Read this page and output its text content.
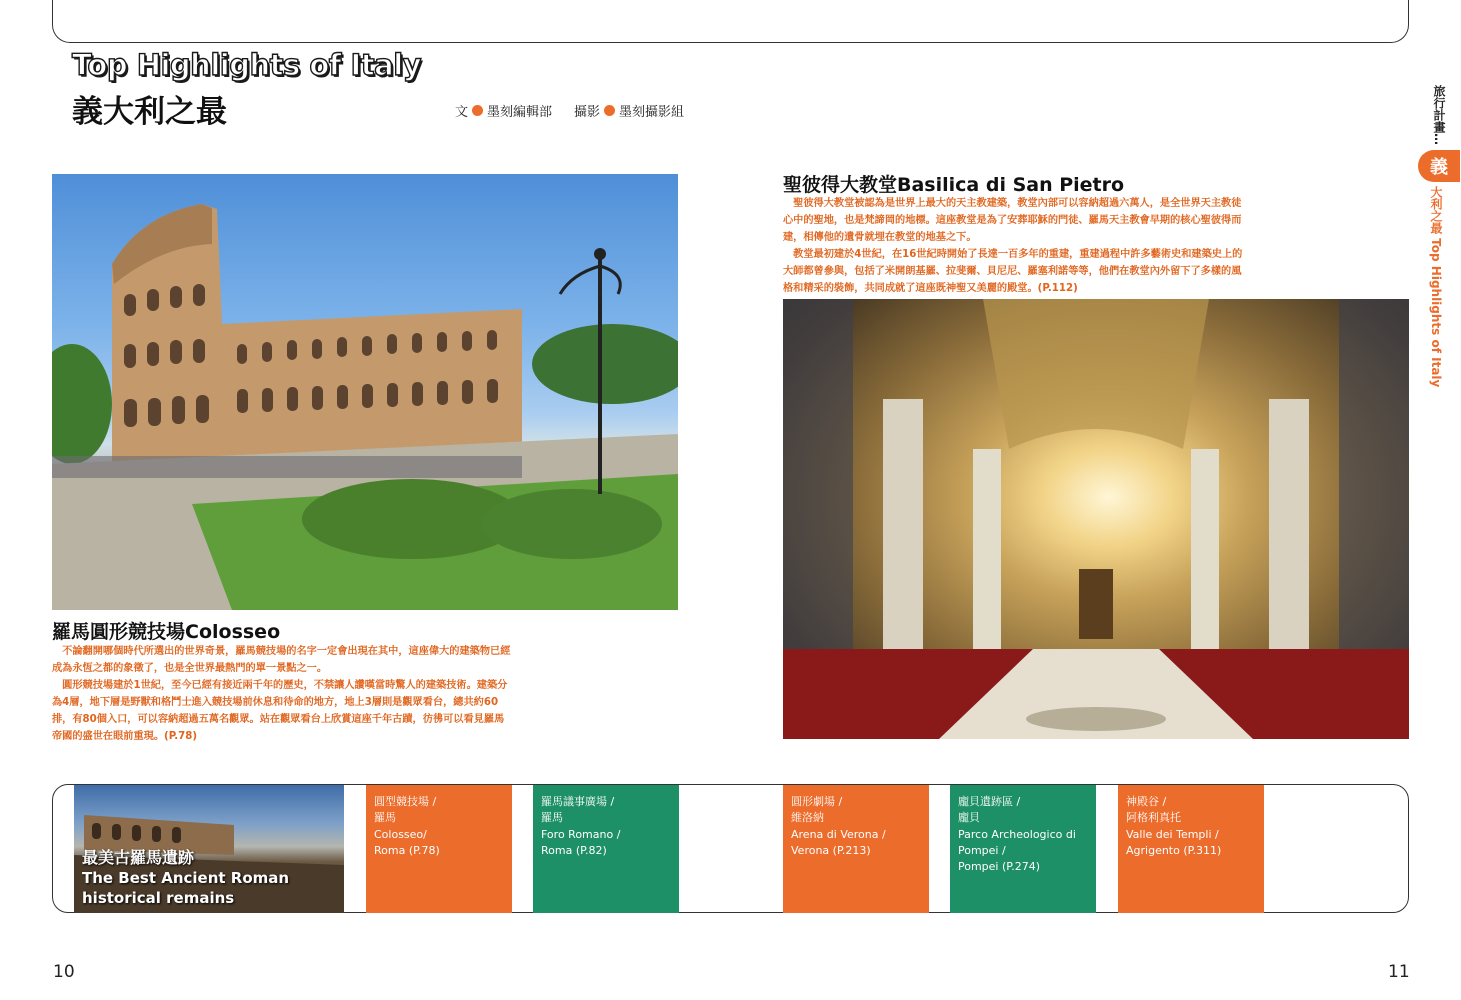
Top Highlights of Italy
義大利之最	文 墨刻編輯部 攝影 墨刻攝影組
羅馬圓形競技場Colosseo
　不論翻開哪個時代所選出的世界奇景，羅馬競技場的名字一定會出現在其中，這座偉大的建築物已經成為永恆之都的象徵了，也是全世界最熱門的單一景點之一。
　圓形競技場建於1世紀，至今已經有接近兩千年的歷史，不禁讓人讚嘆當時驚人的建築技術。建築分為4層，地下層是野獸和格鬥士進入競技場前休息和待命的地方，地上3層則是觀眾看台，總共約60排，有80個入口，可以容納超過五萬名觀眾。站在觀眾看台上欣賞這座千年古蹟，彷彿可以看見羅馬帝國的盛世在眼前重現。(P.78)
聖彼得大教堂Basilica di San Pietro
　聖彼得大教堂被認為是世界上最大的天主教建築，教堂內部可以容納超過六萬人，是全世界天主教徒心中的聖地，也是梵諦岡的地標。這座教堂是為了安葬耶穌的門徒、羅馬天主教會早期的核心聖彼得而建，相傳他的遺骨就埋在教堂的地基之下。
　教堂最初建於4世紀，在16世紀時開始了長達一百多年的重建，重建過程中許多藝術史和建築史上的大師都曾參與，包括了米開朗基羅、拉斐爾、貝尼尼、羅塞利諾等等，他們在教堂內外留下了多樣的風格和精采的裝飾，共同成就了這座既神聖又美麗的殿堂。(P.112)
最美古羅馬遺跡
The Best Ancient Roman
historical remains
圓型競技場 /
羅馬
Colosseo/
Roma (P.78)
羅馬議事廣場 /
羅馬
Foro Romano /
Roma (P.82)
圓形劇場 /
維洛納
Arena di Verona /
Verona (P.213)
龐貝遺跡區 /
龐貝
Parco Archeologico di
Pompei /
Pompei (P.274)
神殿谷 /
阿格利真托
Valle dei Templi /
Agrigento (P.311)
旅行計畫…
義
大利之最 Top Highlights of Italy
10	11
